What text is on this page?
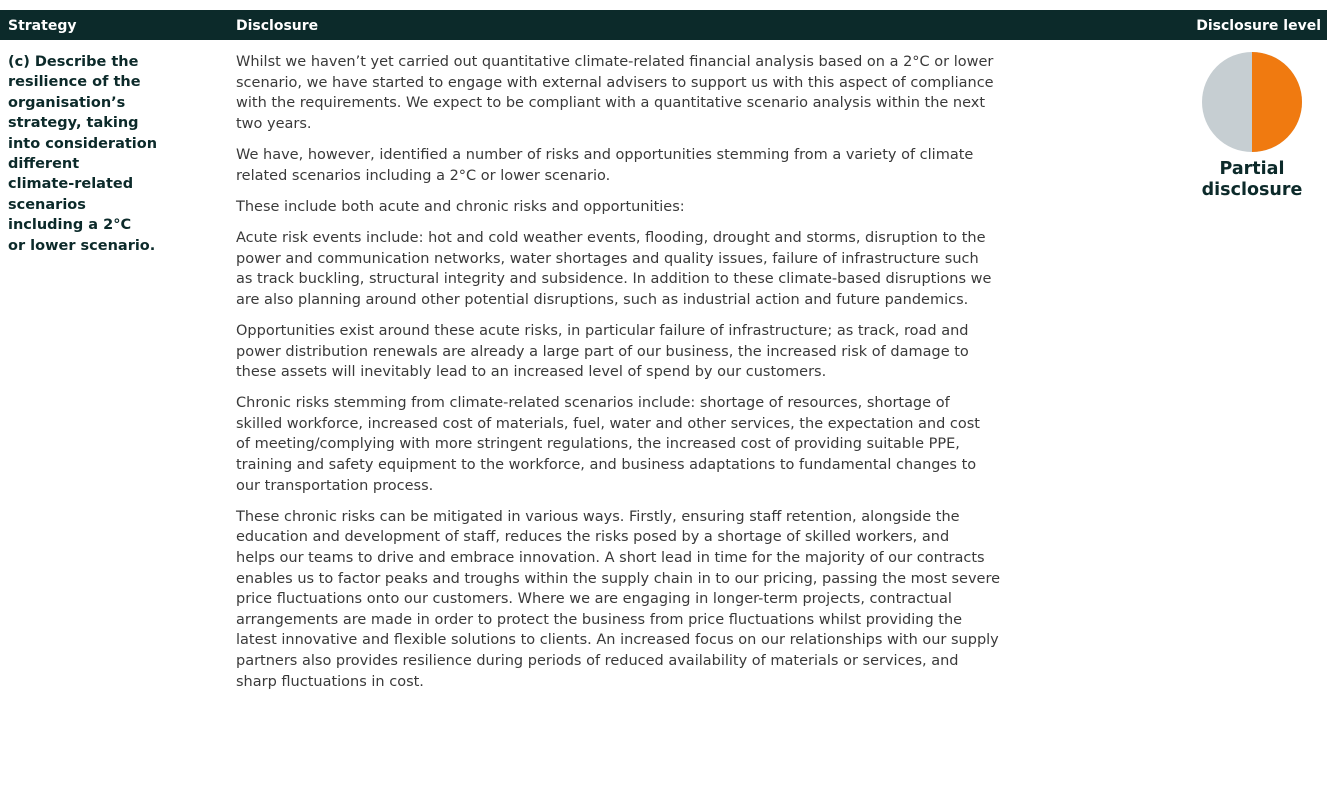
Strategy	Disclosure	Disclosure level
(c) Describe the
resilience of the
organisation’s
strategy, taking
into consideration
different
climate-related
scenarios
including a 2°C
or lower scenario.
Whilst we haven’t yet carried out quantitative climate-related financial analysis based on a 2°C or lower
scenario, we have started to engage with external advisers to support us with this aspect of compliance
with the requirements. We expect to be compliant with a quantitative scenario analysis within the next
two years.
We have, however, identified a number of risks and opportunities stemming from a variety of climate
related scenarios including a 2°C or lower scenario.
These include both acute and chronic risks and opportunities:
Acute risk events include: hot and cold weather events, flooding, drought and storms, disruption to the
power and communication networks, water shortages and quality issues, failure of infrastructure such
as track buckling, structural integrity and subsidence. In addition to these climate-based disruptions we
are also planning around other potential disruptions, such as industrial action and future pandemics.
Opportunities exist around these acute risks, in particular failure of infrastructure; as track, road and
power distribution renewals are already a large part of our business, the increased risk of damage to
these assets will inevitably lead to an increased level of spend by our customers.
Chronic risks stemming from climate-related scenarios include: shortage of resources, shortage of
skilled workforce, increased cost of materials, fuel, water and other services, the expectation and cost
of meeting/complying with more stringent regulations, the increased cost of providing suitable PPE,
training and safety equipment to the workforce, and business adaptations to fundamental changes to
our transportation process.
These chronic risks can be mitigated in various ways. Firstly, ensuring staff retention, alongside the
education and development of staff, reduces the risks posed by a shortage of skilled workers, and
helps our teams to drive and embrace innovation. A short lead in time for the majority of our contracts
enables us to factor peaks and troughs within the supply chain in to our pricing, passing the most severe
price fluctuations onto our customers. Where we are engaging in longer-term projects, contractual
arrangements are made in order to protect the business from price fluctuations whilst providing the
latest innovative and flexible solutions to clients. An increased focus on our relationships with our supply
partners also provides resilience during periods of reduced availability of materials or services, and
sharp fluctuations in cost.
Partial
disclosure
